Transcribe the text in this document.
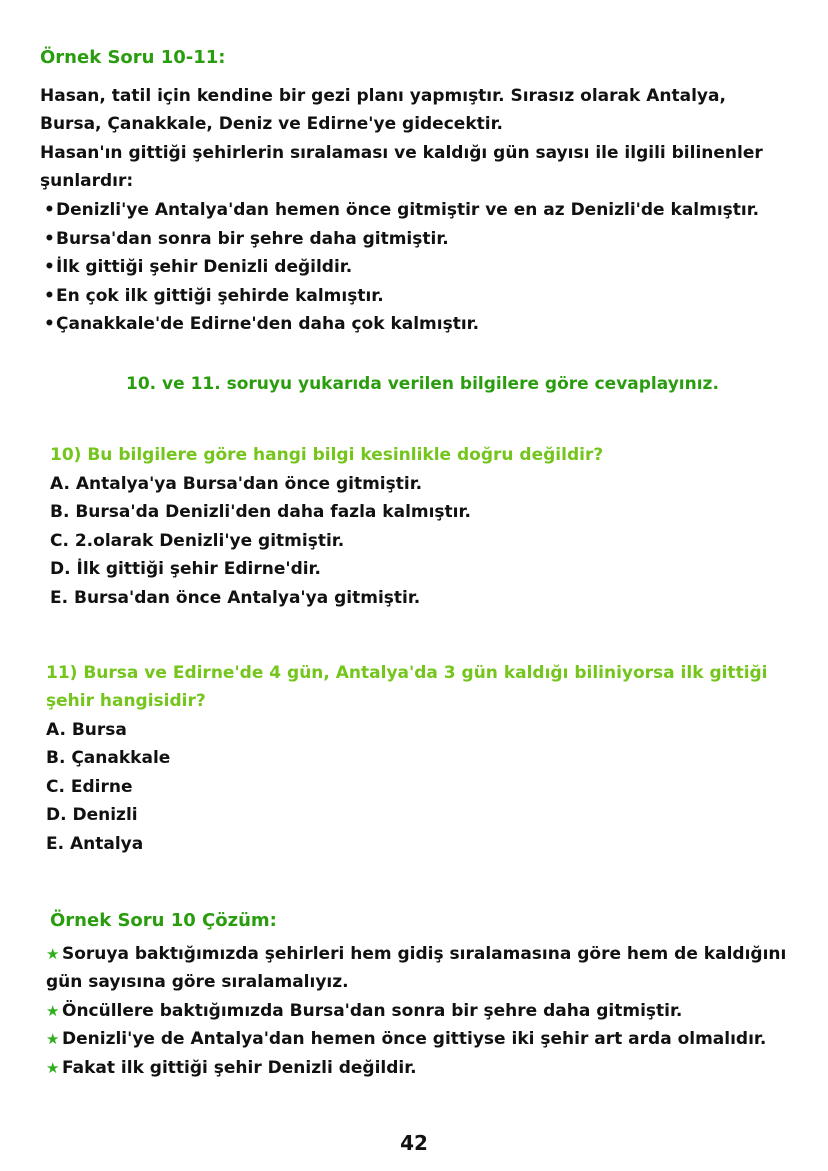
Örnek Soru 10-11:
Hasan, tatil için kendine bir gezi planı yapmıştır. Sırasız olarak Antalya,
Bursa, Çanakkale, Deniz ve Edirne'ye gidecektir.
Hasan'ın gittiği şehirlerin sıralaması ve kaldığı gün sayısı ile ilgili bilinenler
şunlardır:
•Denizli'ye Antalya'dan hemen önce gitmiştir ve en az Denizli'de kalmıştır.
•Bursa'dan sonra bir şehre daha gitmiştir.
•İlk gittiği şehir Denizli değildir.
•En çok ilk gittiği şehirde kalmıştır.
•Çanakkale'de Edirne'den daha çok kalmıştır.
10. ve 11. soruyu yukarıda verilen bilgilere göre cevaplayınız.
10) Bu bilgilere göre hangi bilgi kesinlikle doğru değildir?
A. Antalya'ya Bursa'dan önce gitmiştir.
B. Bursa'da Denizli'den daha fazla kalmıştır.
C. 2.olarak Denizli'ye gitmiştir.
D. İlk gittiği şehir Edirne'dir.
E. Bursa'dan önce Antalya'ya gitmiştir.
11) Bursa ve Edirne'de 4 gün, Antalya'da 3 gün kaldığı biliniyorsa ilk gittiği
şehir hangisidir?
A. Bursa
B. Çanakkale
C. Edirne
D. Denizli
E. Antalya
Örnek Soru 10 Çözüm:
★ Soruya baktığımızda şehirleri hem gidiş sıralamasına göre hem de kaldığını
gün sayısına göre sıralamalıyız.
★ Öncüllere baktığımızda Bursa'dan sonra bir şehre daha gitmiştir.
★ Denizli'ye de Antalya'dan hemen önce gittiyse iki şehir art arda olmalıdır.
★ Fakat ilk gittiği şehir Denizli değildir.
42
